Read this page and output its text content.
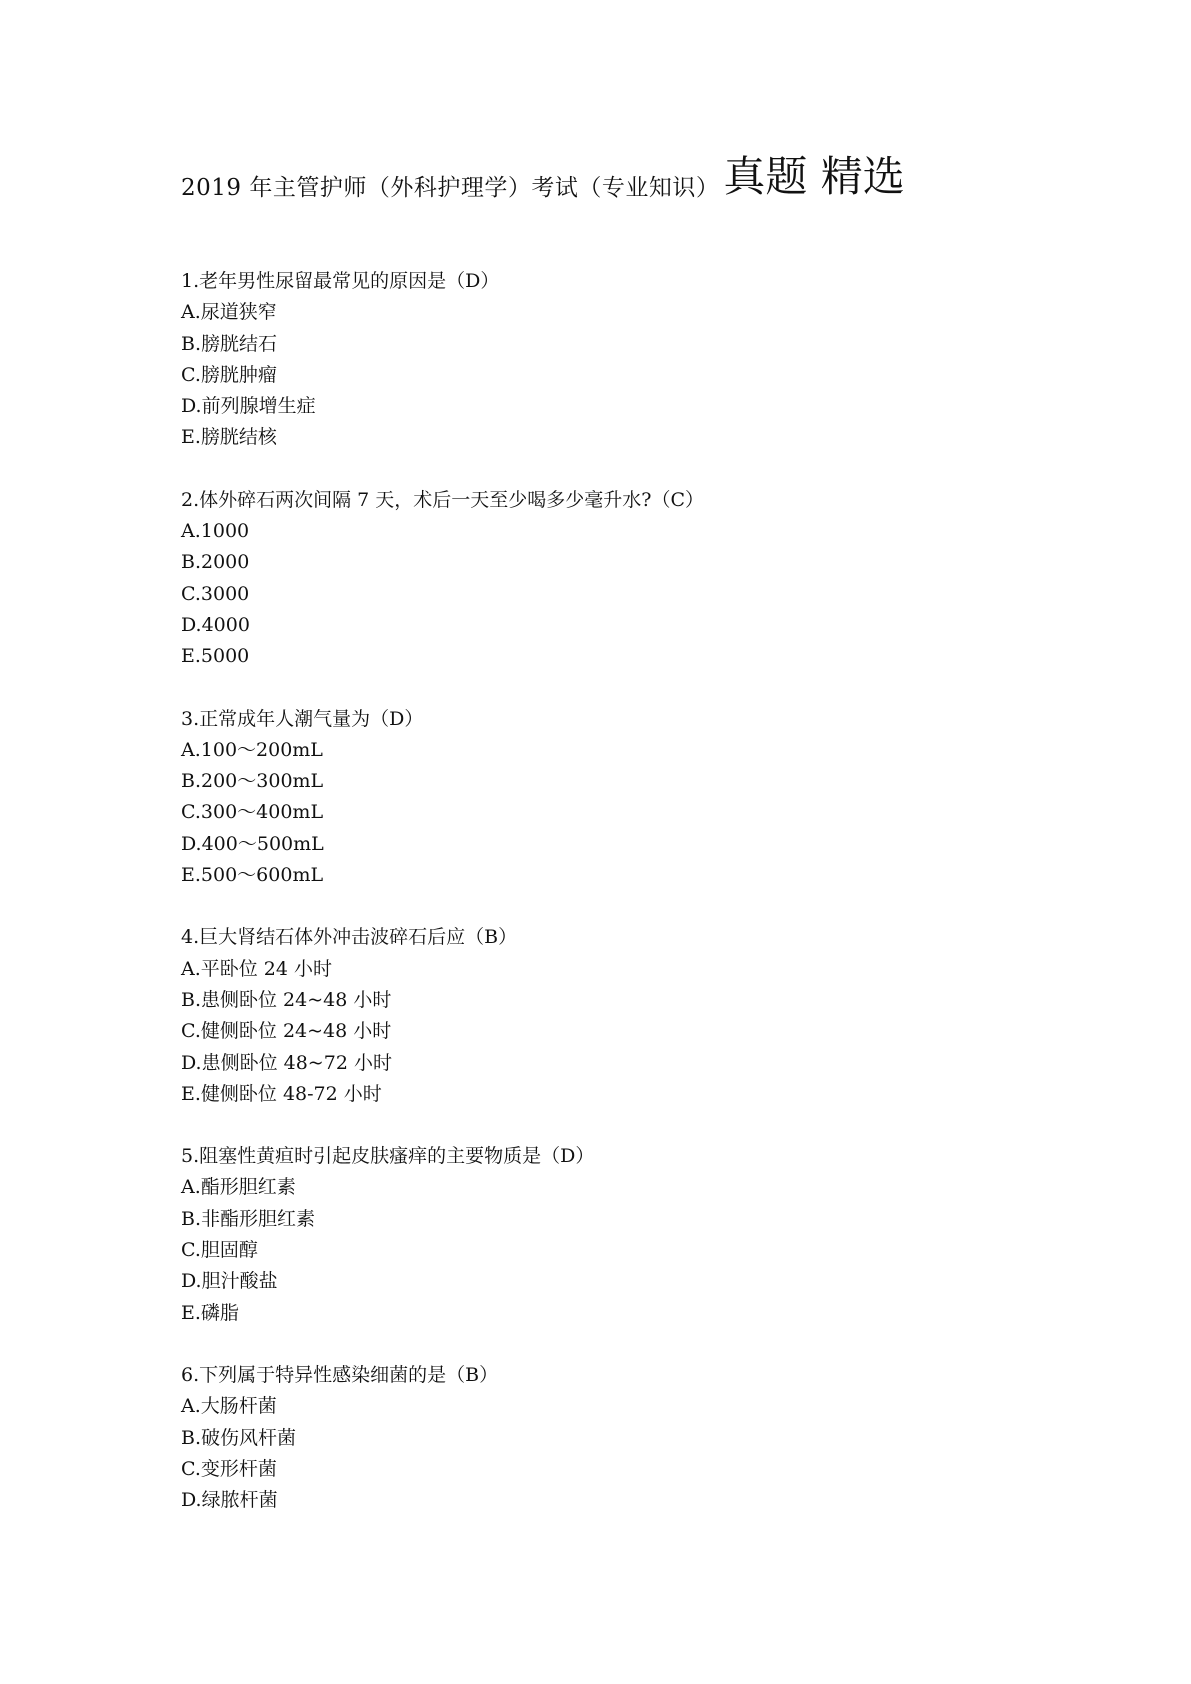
2019 年主管护师（外科护理学）考试（专业知识）真题 精选
1.老年男性尿留最常见的原因是（D）
A.尿道狭窄
B.膀胱结石
C.膀胱肿瘤
D.前列腺增生症
E.膀胱结核
2.体外碎石两次间隔 7 天，术后一天至少喝多少毫升水?（C）
A.1000
B.2000
C.3000
D.4000
E.5000
3.正常成年人潮气量为（D）
A.100～200mL
B.200～300mL
C.300～400mL
D.400～500mL
E.500～600mL
4.巨大肾结石体外冲击波碎石后应（B）
A.平卧位 24 小时
B.患侧卧位 24~48 小时
C.健侧卧位 24~48 小时
D.患侧卧位 48~72 小时
E.健侧卧位 48-72 小时
5.阻塞性黄疸时引起皮肤瘙痒的主要物质是（D）
A.酯形胆红素
B.非酯形胆红素
C.胆固醇
D.胆汁酸盐
E.磷脂
6.下列属于特异性感染细菌的是（B）
A.大肠杆菌
B.破伤风杆菌
C.变形杆菌
D.绿脓杆菌
